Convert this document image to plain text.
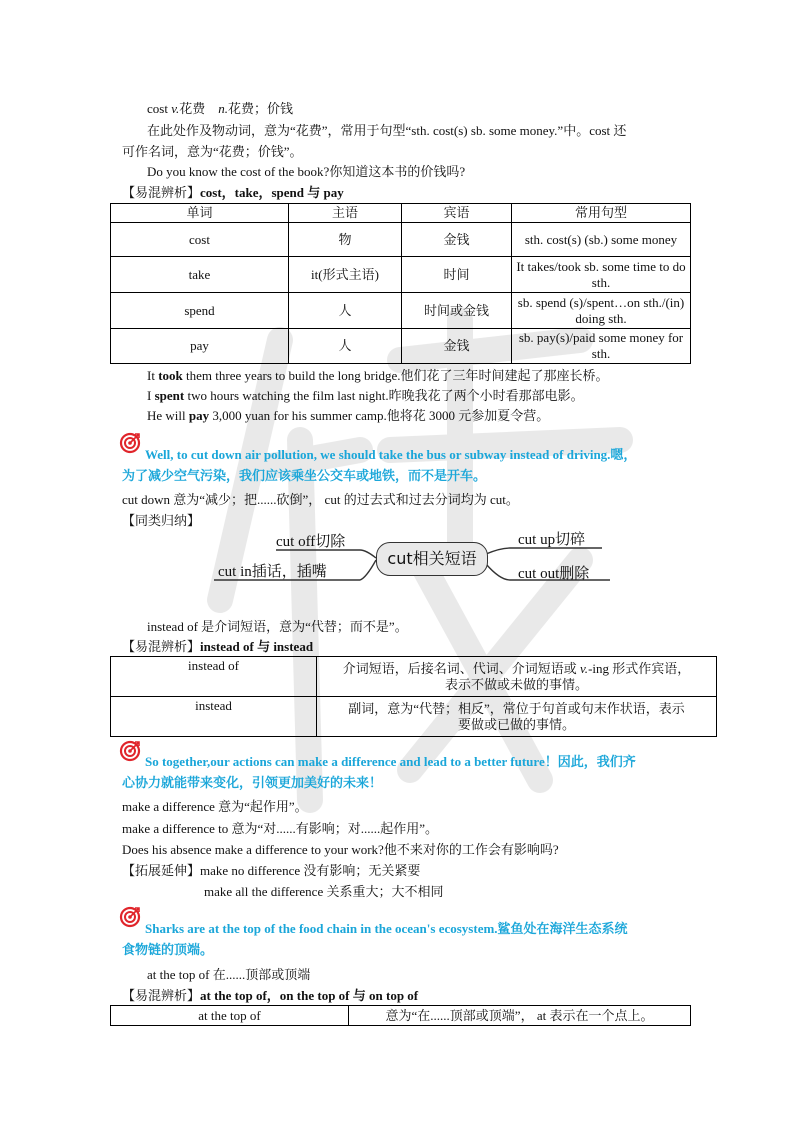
cost v.花费 n.花费；价钱
在此处作及物动词，意为“花费”，常用于句型“sth. cost(s) sb. some money.”中。cost 还
可作名词，意为“花费；价钱”。
Do you know the cost of the book?你知道这本书的价钱吗?
【易混辨析】cost，take，spend 与 pay
单词	主语	宾语	常用句型
cost	物	金钱	sth. cost(s) (sb.) some money
take	it(形式主语)	时间	It takes/took sb. some time to do sth.
spend	人	时间或金钱	sb. spend (s)/spent…on sth./(in) doing sth.
pay	人	金钱	sb. pay(s)/paid some money for sth.
It took them three years to build the long bridge.他们花了三年时间建起了那座长桥。
I spent two hours watching the film last night.昨晚我花了两个小时看那部电影。
He will pay 3,000 yuan for his summer camp.他将花 3000 元参加夏令营。
Well, to cut down air pollution, we should take the bus or subway instead of driving.嗯，
为了减少空气污染，我们应该乘坐公交车或地铁，而不是开车。
cut down 意为“减少；把......砍倒”， cut 的过去式和过去分词均为 cut。
【同类归纳】
cut off切除
cut in插话，插嘴
cut相关短语
cut up切碎
cut out删除
instead of 是介词短语，意为“代替；而不是”。
【易混辨析】instead of 与 instead
instead of	介词短语，后接名词、代词、介词短语或 v.-ing 形式作宾语，
表示不做或未做的事情。
instead	副词，意为“代替；相反”，常位于句首或句末作状语，表示
要做或已做的事情。
So together,our actions can make a difference and lead to a better future！因此，我们齐
心协力就能带来变化，引领更加美好的未来！
make a difference 意为“起作用”。
make a difference to 意为“对......有影响；对......起作用”。
Does his absence make a difference to your work?他不来对你的工作会有影响吗?
【拓展延伸】make no difference 没有影响；无关紧要
make all the difference 关系重大；大不相同
Sharks are at the top of the food chain in the ocean's ecosystem.鲨鱼处在海洋生态系统
食物链的顶端。
at the top of 在......顶部或顶端
【易混辨析】at the top of，on the top of 与 on top of
at the top of	意为“在......顶部或顶端”， at 表示在一个点上。
